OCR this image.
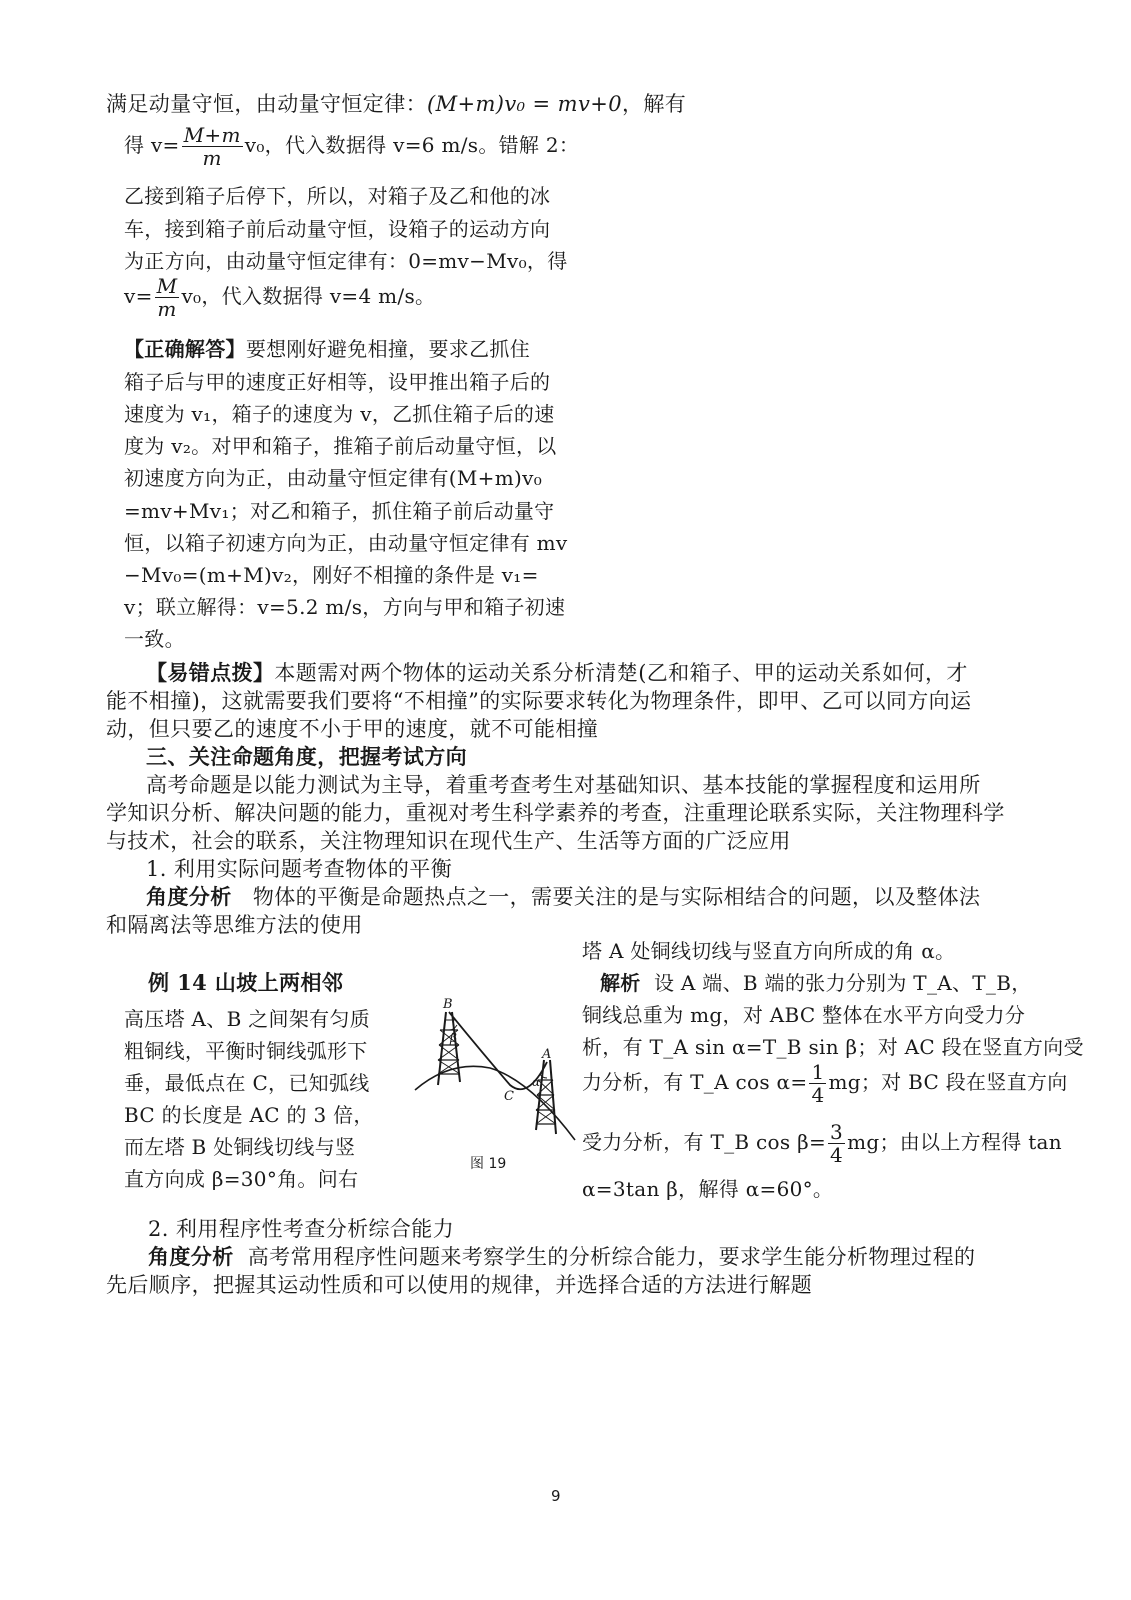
满足动量守恒，由动量守恒定律：(M+m)v₀ = mv+0，解有
得 $v= \frac{M+m}{m} v_0$，代入数据得 v=6 m/s。错解 2：
乙接到箱子后停下，所以，对箱子及乙和他的冰
车，接到箱子前后动量守恒，设箱子的运动方向
为正方向，由动量守恒定律有：0=mv−Mv₀，得
$v= \frac{M}{m} v_0$，代入数据得 v=4 m/s。
【正确解答】要想刚好避免相撞，要求乙抓住
箱子后与甲的速度正好相等，设甲推出箱子后的
速度为 v₁，箱子的速度为 v，乙抓住箱子后的速
度为 v₂。对甲和箱子，推箱子前后动量守恒，以
初速度方向为正，由动量守恒定律有(M+m)v₀
=mv+Mv₁；对乙和箱子，抓住箱子前后动量守
恒，以箱子初速方向为正，由动量守恒定律有 mv
−Mv₀=(m+M)v₂，刚好不相撞的条件是 v₁=
v；联立解得：v=5.2 m/s，方向与甲和箱子初速
一致。
【易错点拨】本题需对两个物体的运动关系分析清楚(乙和箱子、甲的运动关系如何，才
能不相撞)，这就需要我们要将“不相撞”的实际要求转化为物理条件，即甲、乙可以同方向运
动，但只要乙的速度不小于甲的速度，就不可能相撞
三、关注命题角度，把握考试方向
高考命题是以能力测试为主导，着重考查考生对基础知识、基本技能的掌握程度和运用所
学知识分析、解决问题的能力，重视对考生科学素养的考查，注重理论联系实际，关注物理科学
与技术，社会的联系，关注物理知识在现代生产、生活等方面的广泛应用
1. 利用实际问题考查物体的平衡
角度分析 物体的平衡是命题热点之一，需要关注的是与实际相结合的问题，以及整体法
和隔离法等思维方法的使用
例 14 山坡上两相邻
高压塔 A、B 之间架有匀质
粗铜线，平衡时铜线弧形下
垂，最低点在 C，已知弧线
BC 的长度是 AC 的 3 倍，
而左塔 B 处铜线切线与竖
直方向成 β=30°角。问右
B
β
A
α
C
图 19
塔 A 处铜线切线与竖直方向所成的角 α。
解析 设 A 端、B 端的张力分别为 T_A、T_B，
铜线总重为 mg，对 ABC 整体在水平方向受力分
析，有 T_A sin α=T_B sin β；对 AC 段在竖直方向受
力分析，有 T_A $\cos \alpha= \frac{1}{4}$ mg；对 BC 段在竖直方向
受力分析，有 T_B $\cos \beta= \frac{3}{4}$ mg；由以上方程得 tan
α=3tan β，解得 α=60°。
2. 利用程序性考查分析综合能力
角度分析 高考常用程序性问题来考察学生的分析综合能力，要求学生能分析物理过程的
先后顺序，把握其运动性质和可以使用的规律，并选择合适的方法进行解题
9
